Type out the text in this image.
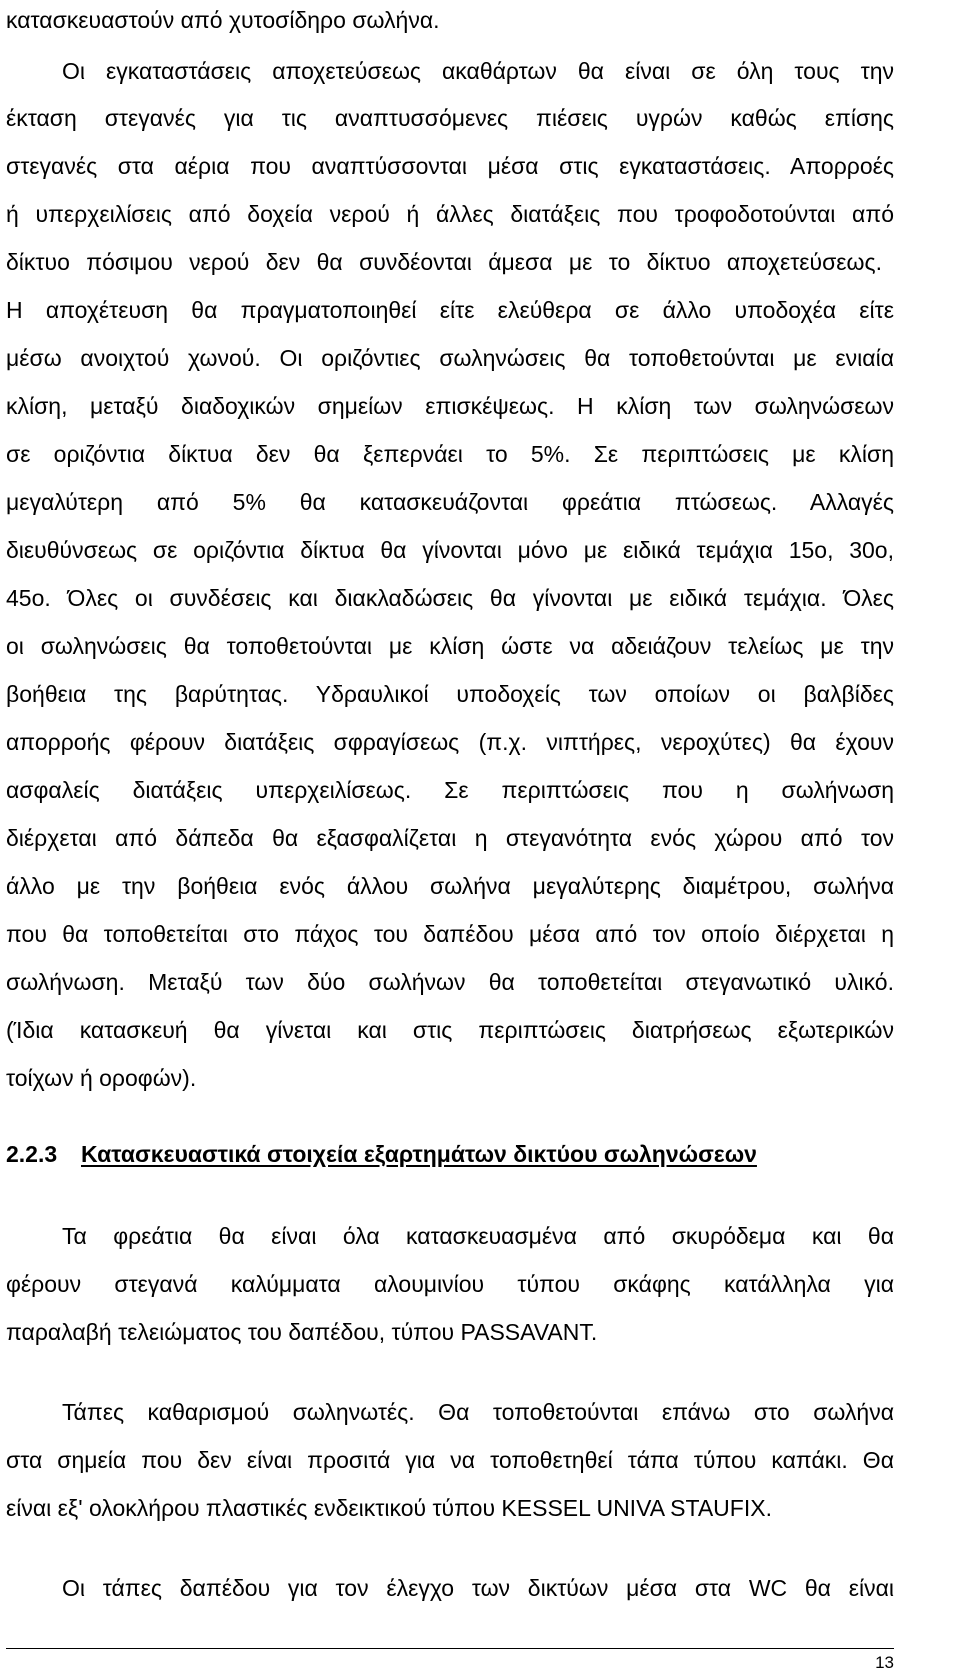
κατασκευαστούν από χυτοσίδηρο σωλήνα.
Οι εγκαταστάσεις αποχετεύσεως ακαθάρτων θα είναι σε όλη τους την
έκταση στεγανές για τις αναπτυσσόμενες πιέσεις υγρών καθώς επίσης
στεγανές στα αέρια που αναπτύσσονται μέσα στις εγκαταστάσεις. Απορροές
ή υπερχειλίσεις από δοχεία νερού ή άλλες διατάξεις που τροφοδοτούνται από
δίκτυο πόσιμου νερού δεν θα συνδέονται άμεσα με το δίκτυο αποχετεύσεως.
Η αποχέτευση θα πραγματοποιηθεί είτε ελεύθερα σε άλλο υποδοχέα είτε
μέσω ανοιχτού χωνού. Οι οριζόντιες σωληνώσεις θα τοποθετούνται με ενιαία
κλίση, μεταξύ διαδοχικών σημείων επισκέψεως. Η κλίση των σωληνώσεων
σε οριζόντια δίκτυα δεν θα ξεπερνάει το 5%. Σε περιπτώσεις με κλίση
μεγαλύτερη από 5% θα κατασκευάζονται φρεάτια πτώσεως. Αλλαγές
διευθύνσεως σε οριζόντια δίκτυα θα γίνονται μόνο με ειδικά τεμάχια 15ο, 30ο,
45ο. Όλες οι συνδέσεις και διακλαδώσεις θα γίνονται με ειδικά τεμάχια. Όλες
οι σωληνώσεις θα τοποθετούνται με κλίση ώστε να αδειάζουν τελείως με την
βοήθεια της βαρύτητας. Υδραυλικοί υποδοχείς των οποίων οι βαλβίδες
απορροής φέρουν διατάξεις σφραγίσεως (π.χ. νιπτήρες, νεροχύτες) θα έχουν
ασφαλείς διατάξεις υπερχειλίσεως. Σε περιπτώσεις που η σωλήνωση
διέρχεται από δάπεδα θα εξασφαλίζεται η στεγανότητα ενός χώρου από τον
άλλο με την βοήθεια ενός άλλου σωλήνα μεγαλύτερης διαμέτρου, σωλήνα
που θα τοποθετείται στο πάχος του δαπέδου μέσα από τον οποίο διέρχεται η
σωλήνωση. Μεταξύ των δύο σωλήνων θα τοποθετείται στεγανωτικό υλικό.
(Ίδια κατασκευή θα γίνεται και στις περιπτώσεις διατρήσεως εξωτερικών
τοίχων ή οροφών).
2.2.3 Κατασκευαστικά στοιχεία εξαρτημάτων δικτύου σωληνώσεων
Τα φρεάτια θα είναι όλα κατασκευασμένα από σκυρόδεμα και θα
φέρουν στεγανά καλύμματα αλουμινίου τύπου σκάφης κατάλληλα για
παραλαβή τελειώματος του δαπέδου, τύπου PASSAVANT.
Τάπες καθαρισμού σωληνωτές. Θα τοποθετούνται επάνω στο σωλήνα
στα σημεία που δεν είναι προσιτά για να τοποθετηθεί τάπα τύπου καπάκι. Θα
είναι εξ' ολοκλήρου πλαστικές ενδεικτικού τύπου KESSEL UNIVA STAUFIX.
Οι τάπες δαπέδου για τον έλεγχο των δικτύων μέσα στα WC θα είναι
13
